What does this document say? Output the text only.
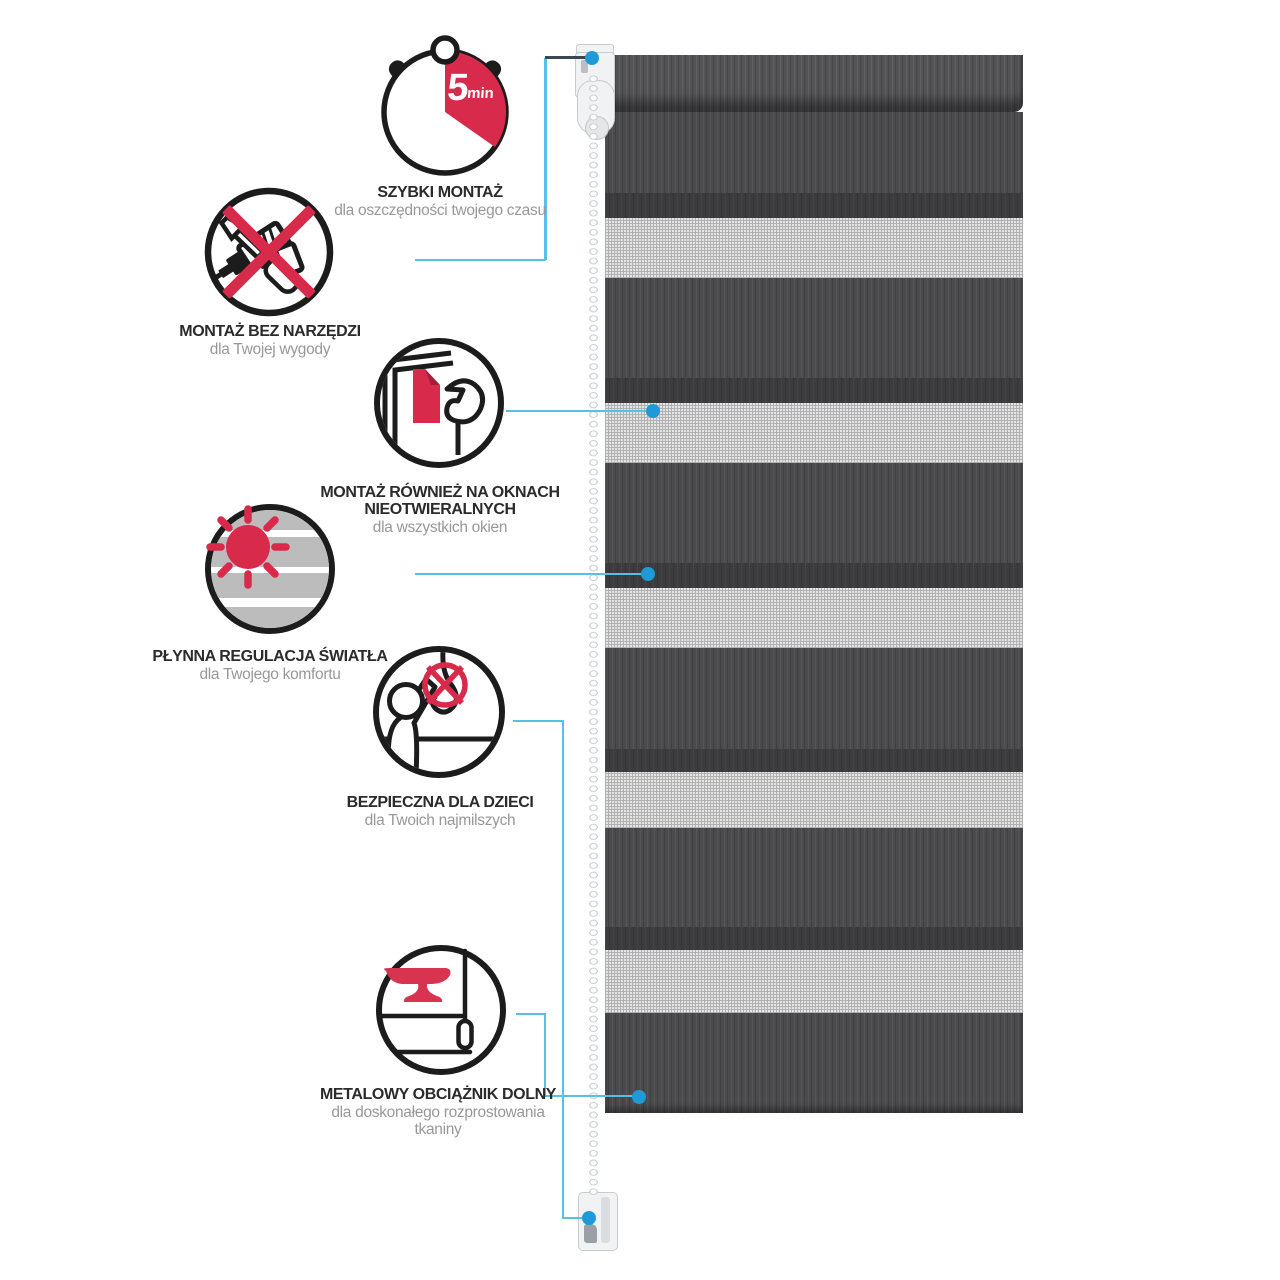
5
min
SZYBKI MONTAŻ
dla oszczędności twojego czasu
MONTAŻ BEZ NARZĘDZI
dla Twojej wygody
MONTAŻ RÓWNIEŻ NA OKNACH NIEOTWIERALNYCH
dla wszystkich okien
PŁYNNA REGULACJA ŚWIATŁA
dla Twojego komfortu
BEZPIECZNA DLA DZIECI
dla Twoich najmilszych
METALOWY OBCIĄŻNIK DOLNY
dla doskonałego rozprostowania tkaniny
